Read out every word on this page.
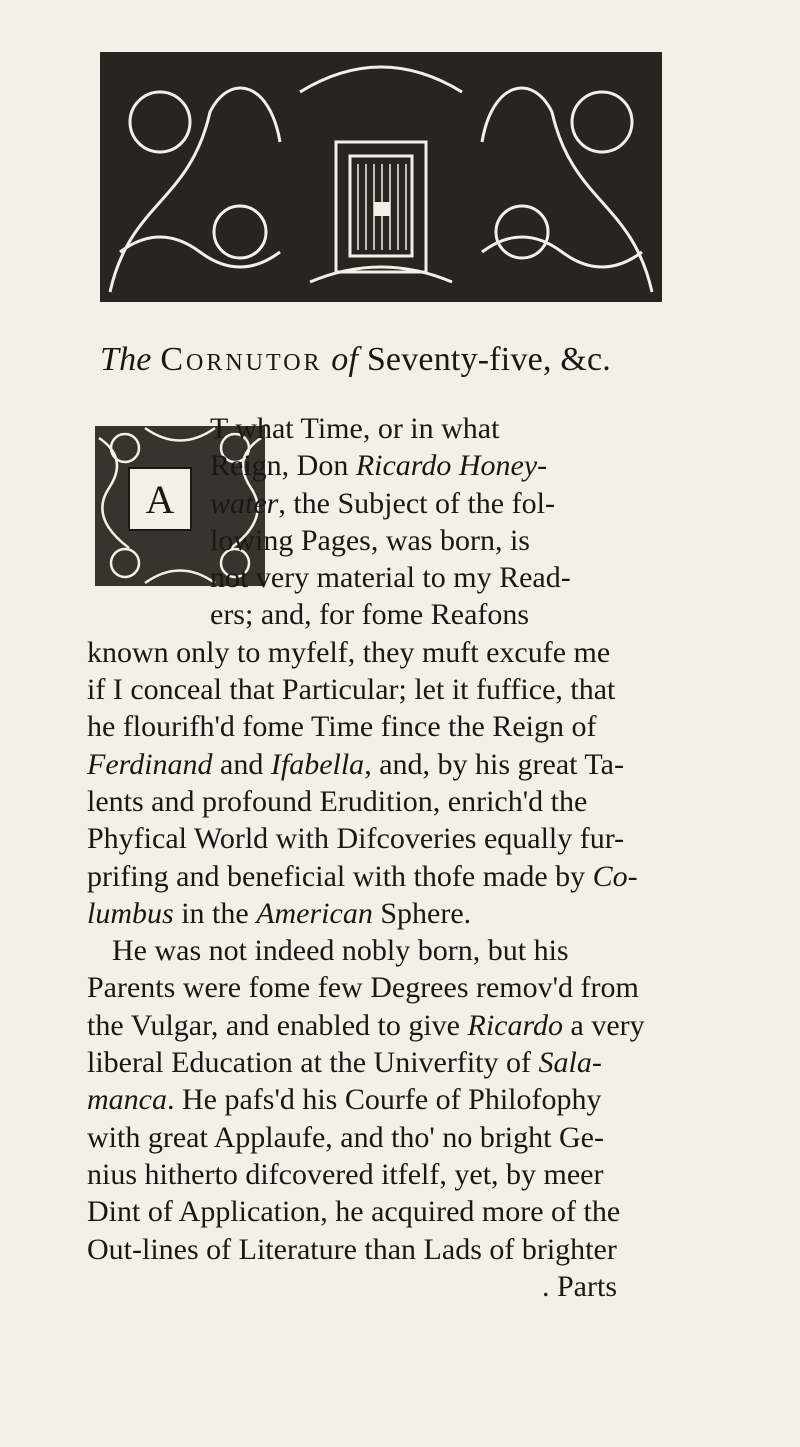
The Cornutor of Seventy-five, &c.
A
T what Time, or in what
Reign, Don Ricardo Honey-
water, the Subject of the fol-
lowing Pages, was born, is
not very material to my Read-
ers; and, for fome Reafons
known only to myfelf, they muft excufe me
if I conceal that Particular; let it fuffice, that
he flourifh'd fome Time fince the Reign of
Ferdinand and Ifabella, and, by his great Ta-
lents and profound Erudition, enrich'd the
Phyfical World with Difcoveries equally fur-
prifing and beneficial with thofe made by Co-
lumbus in the American Sphere.
He was not indeed nobly born, but his
Parents were fome few Degrees remov'd from
the Vulgar, and enabled to give Ricardo a very
liberal Education at the Univerfity of Sala-
manca. He pafs'd his Courfe of Philofophy
with great Applaufe, and tho' no bright Ge-
nius hitherto difcovered itfelf, yet, by meer
Dint of Application, he acquired more of the
Out-lines of Literature than Lads of brighter
. Parts
